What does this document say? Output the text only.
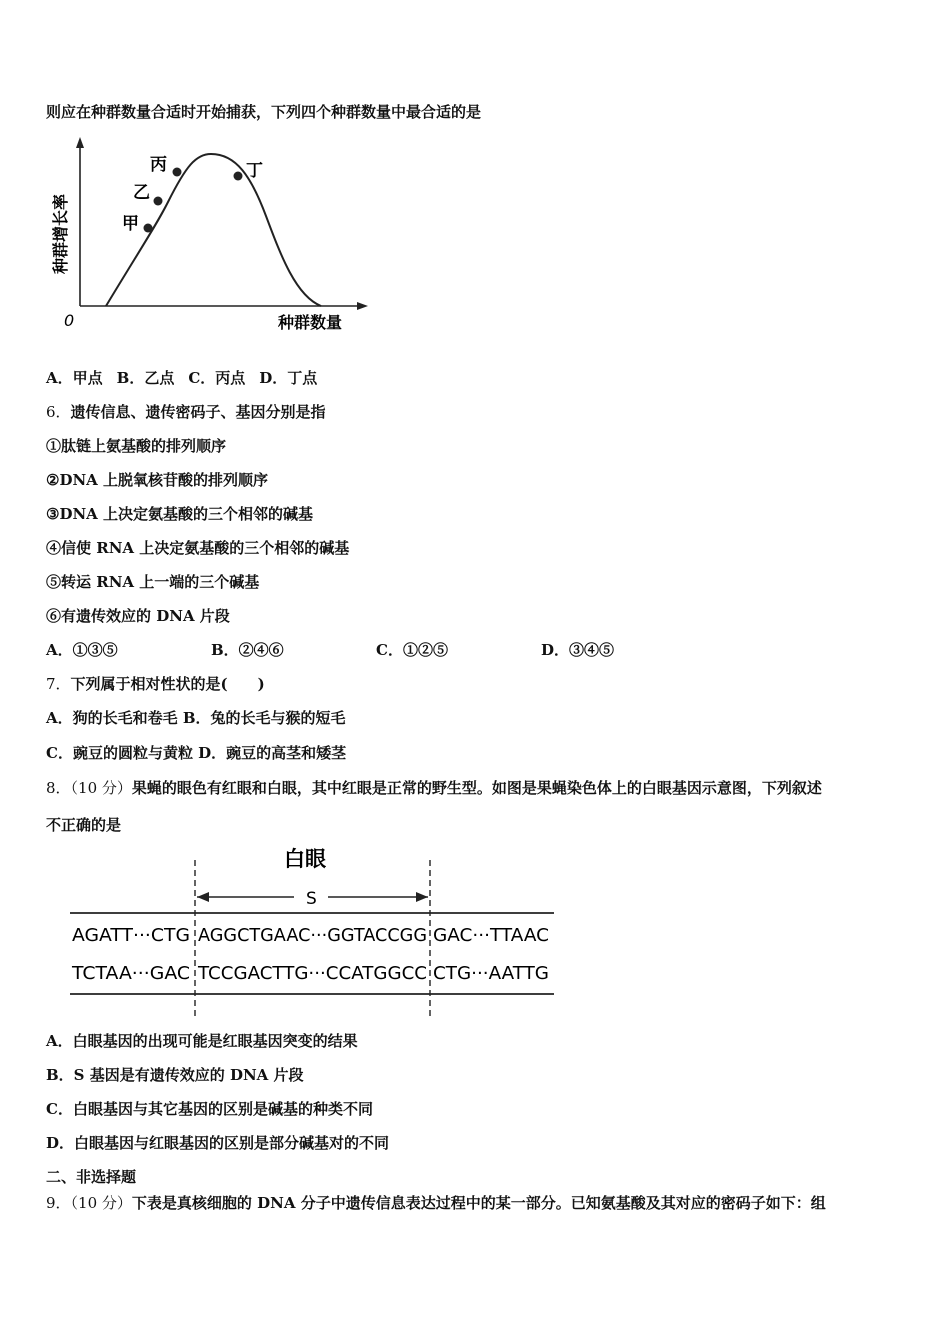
则应在种群数量合适时开始捕获，下列四个种群数量中最合适的是
甲
乙
丙	丁
种群增长率
0	种群数量
A．甲点 B．乙点 C．丙点 D．丁点
6．遗传信息、遗传密码子、基因分别是指
①肽链上氨基酸的排列顺序
②DNA 上脱氧核苷酸的排列顺序
③DNA 上决定氨基酸的三个相邻的碱基
④信使 RNA 上决定氨基酸的三个相邻的碱基
⑤转运 RNA 上一端的三个碱基
⑥有遗传效应的 DNA 片段
A．①③⑤	B．②④⑥	C．①②⑤	D．③④⑤
7．下列属于相对性状的是(　　)
A．狗的长毛和卷毛 B．兔的长毛与猴的短毛
C．豌豆的圆粒与黄粒 D．豌豆的高茎和矮茎
8．（10 分）果蝇的眼色有红眼和白眼，其中红眼是正常的野生型。如图是果蝇染色体上的白眼基因示意图，下列叙述
不正确的是
白眼
S
AGATT···CTG AGGCTGAAC···GGTACCGG GAC···TTAAC
TCTAA···GAC TCCGACTTG···CCATGGCC CTG···AATTG
A．白眼基因的出现可能是红眼基因突变的结果
B．S 基因是有遗传效应的 DNA 片段
C．白眼基因与其它基因的区别是碱基的种类不同
D．白眼基因与红眼基因的区别是部分碱基对的不同
二、非选择题
9．（10 分）下表是真核细胞的 DNA 分子中遗传信息表达过程中的某一部分。已知氨基酸及其对应的密码子如下：组
